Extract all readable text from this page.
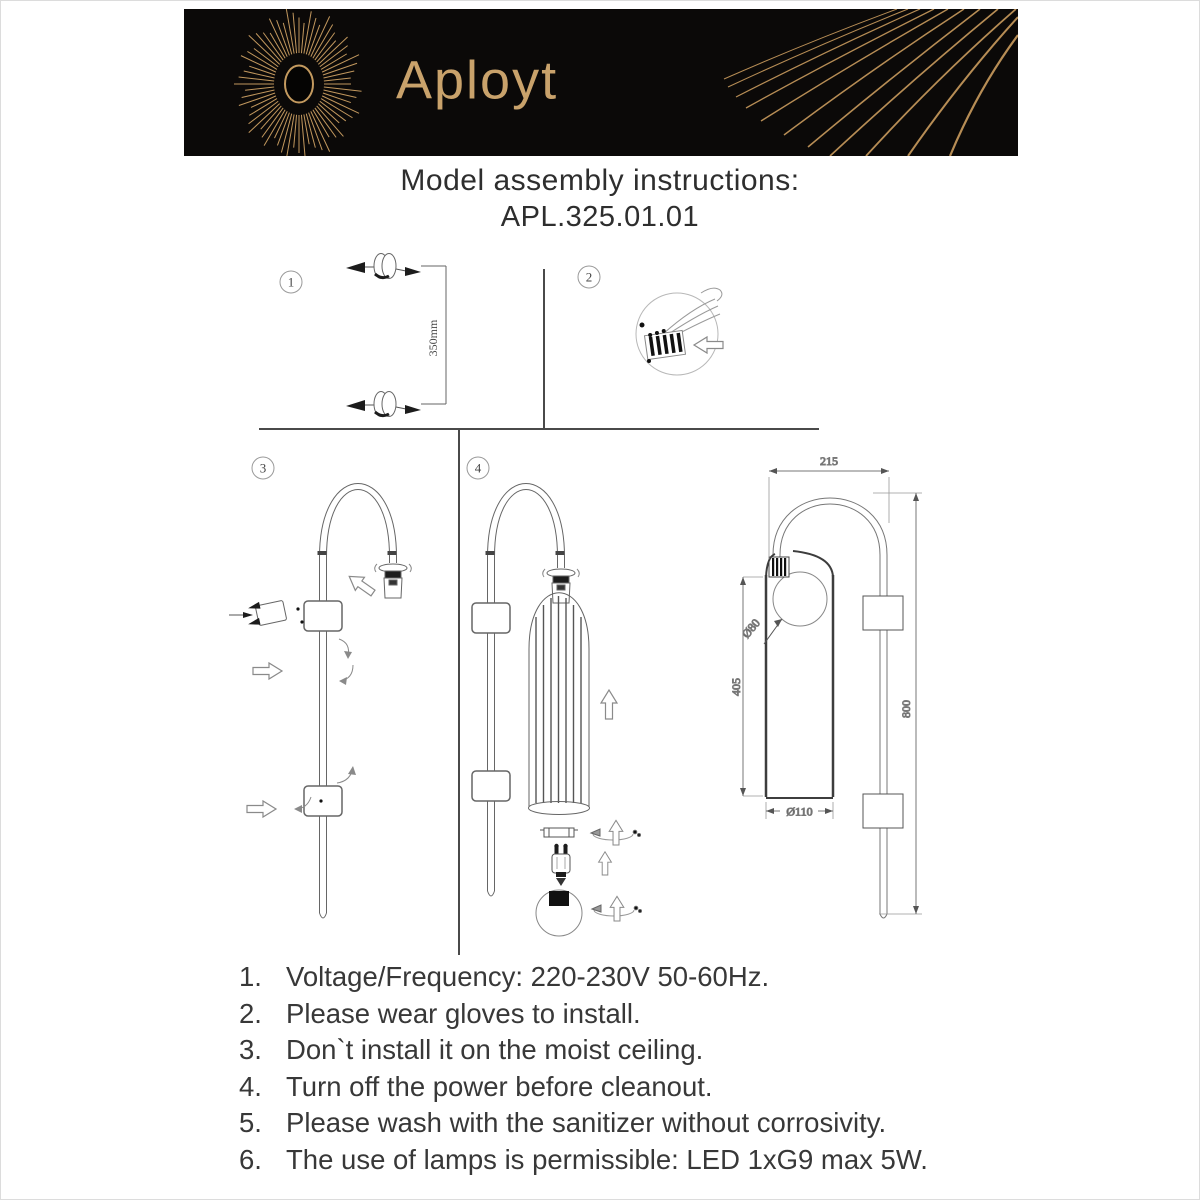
Aployt
Model assembly instructions:
APL.325.01.01
1	2
3	4
350mm
215
405
Ø80
Ø110
800
1. Voltage/Frequency: 220-230V 50-60Hz.
2. Please wear gloves to install.
3. Don`t install it on the moist ceiling.
4. Turn off the power before cleanout.
5. Please wash with the sanitizer without corrosivity.
6. The use of lamps is permissible: LED 1xG9 max 5W.
